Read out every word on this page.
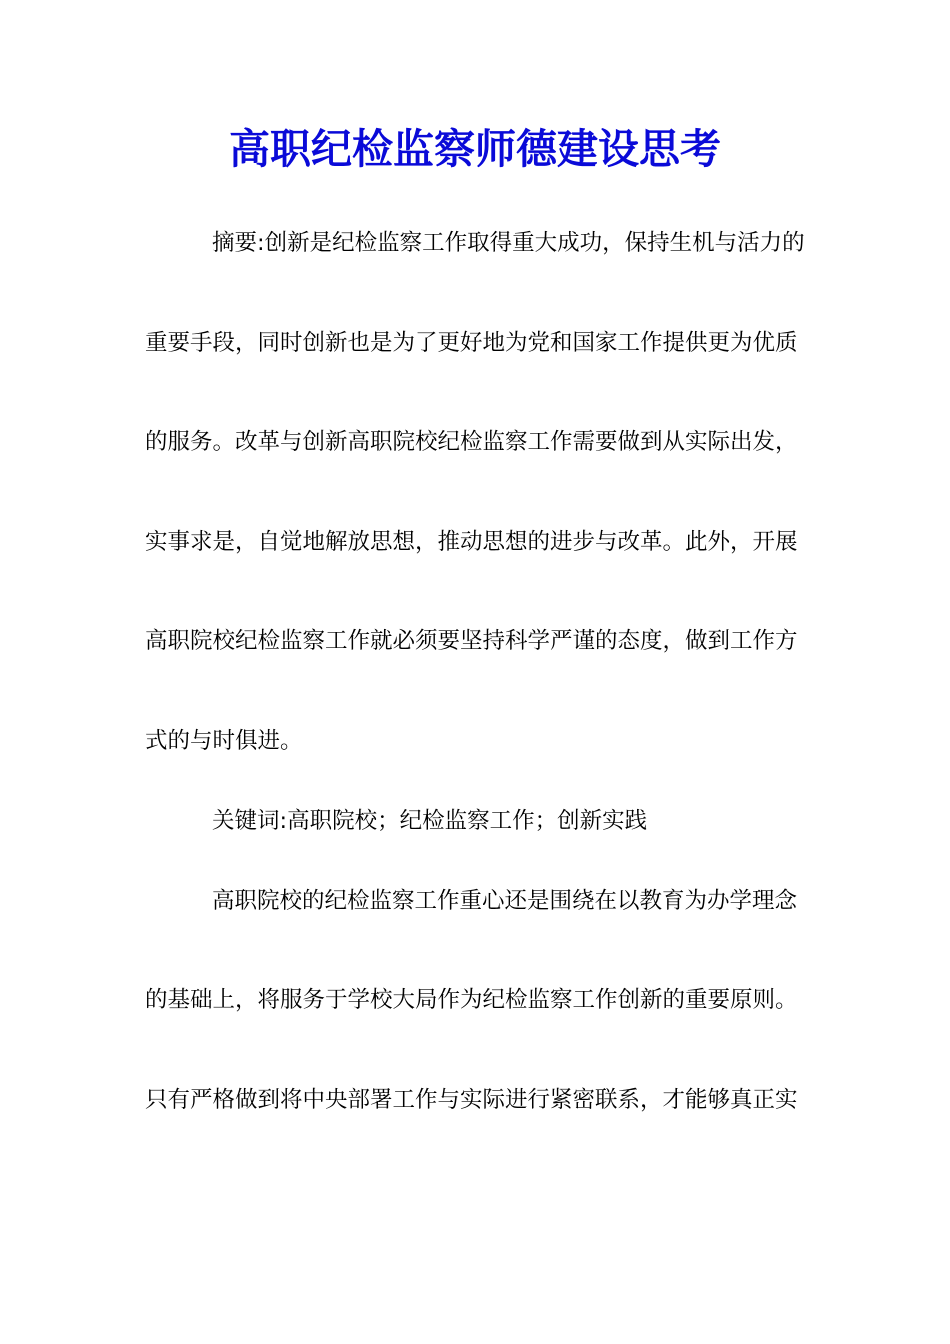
高职纪检监察师德建设思考
摘要:创新是纪检监察工作取得重大成功，保持生机与活力的
重要手段，同时创新也是为了更好地为党和国家工作提供更为优质
的服务。改革与创新高职院校纪检监察工作需要做到从实际出发，
实事求是，自觉地解放思想，推动思想的进步与改革。此外，开展
高职院校纪检监察工作就必须要坚持科学严谨的态度，做到工作方
式的与时俱进。
关键词:高职院校；纪检监察工作；创新实践
高职院校的纪检监察工作重心还是围绕在以教育为办学理念
的基础上，将服务于学校大局作为纪检监察工作创新的重要原则。
只有严格做到将中央部署工作与实际进行紧密联系，才能够真正实
